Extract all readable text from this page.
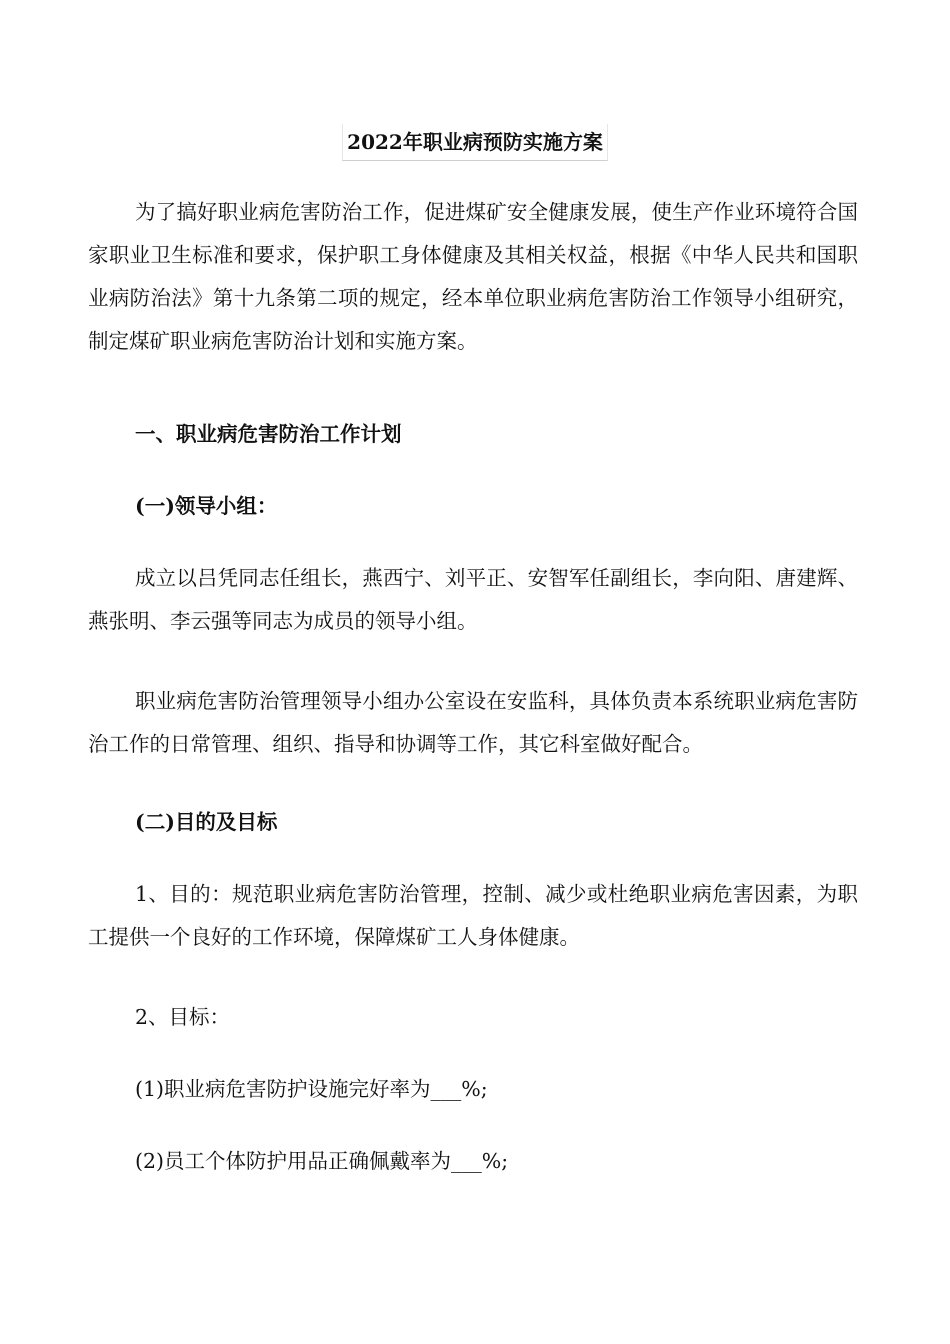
2022年职业病预防实施方案

为了搞好职业病危害防治工作，促进煤矿安全健康发展，使生产作业环境符合国家职业卫生标准和要求，保护职工身体健康及其相关权益，根据《中华人民共和国职业病防治法》第十九条第二项的规定，经本单位职业病危害防治工作领导小组研究，制定煤矿职业病危害防治计划和实施方案。

一、职业病危害防治工作计划

(一)领导小组：

成立以吕凭同志任组长，燕西宁、刘平正、安智军任副组长，李向阳、唐建辉、燕张明、李云强等同志为成员的领导小组。

职业病危害防治管理领导小组办公室设在安监科，具体负责本系统职业病危害防治工作的日常管理、组织、指导和协调等工作，其它科室做好配合。

(二)目的及目标

1、目的：规范职业病危害防治管理，控制、减少或杜绝职业病危害因素，为职工提供一个良好的工作环境，保障煤矿工人身体健康。

2、目标：

(1)职业病危害防护设施完好率为___%;

(2)员工个体防护用品正确佩戴率为___%;
